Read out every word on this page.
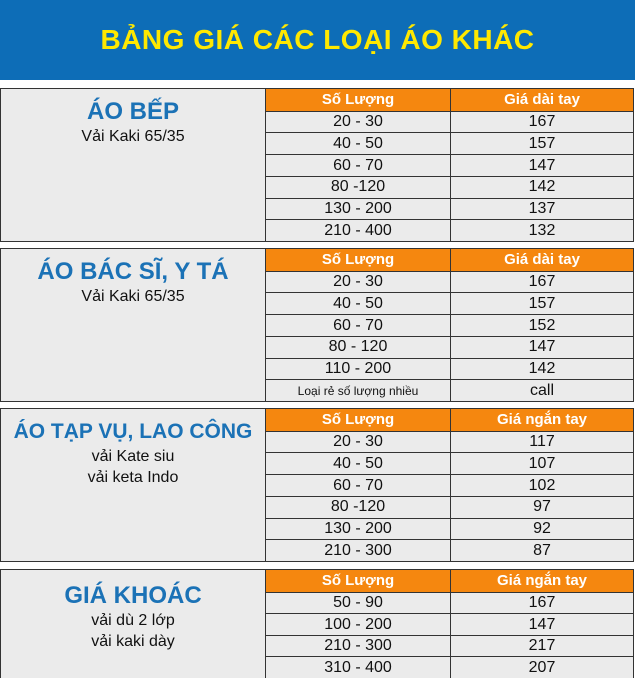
BẢNG GIÁ CÁC LOẠI ÁO KHÁC
ÁO BẾP
Vải Kaki 65/35
Số Lượng	Giá dài tay
20 - 30	167
40 - 50	157
60 - 70	147
80 -120	142
130 - 200	137
210 - 400	132
ÁO BÁC SĨ, Y TÁ
Vải Kaki 65/35
Số Lượng	Giá dài tay
20 - 30	167
40 - 50	157
60 - 70	152
80 - 120	147
110 - 200	142
Loại rẻ số lượng nhiều	call
ÁO TẠP VỤ, LAO CÔNG
vải Kate siu
vải keta Indo
Số Lượng	Giá ngắn tay
20 - 30	117
40 - 50	107
60 - 70	102
80 -120	97
130 - 200	92
210 - 300	87
GIÁ KHOÁC
vải dù 2 lớp
vải kaki dày
Số Lượng	Giá ngắn tay
50 - 90	167
100 - 200	147
210 - 300	217
310 - 400	207
